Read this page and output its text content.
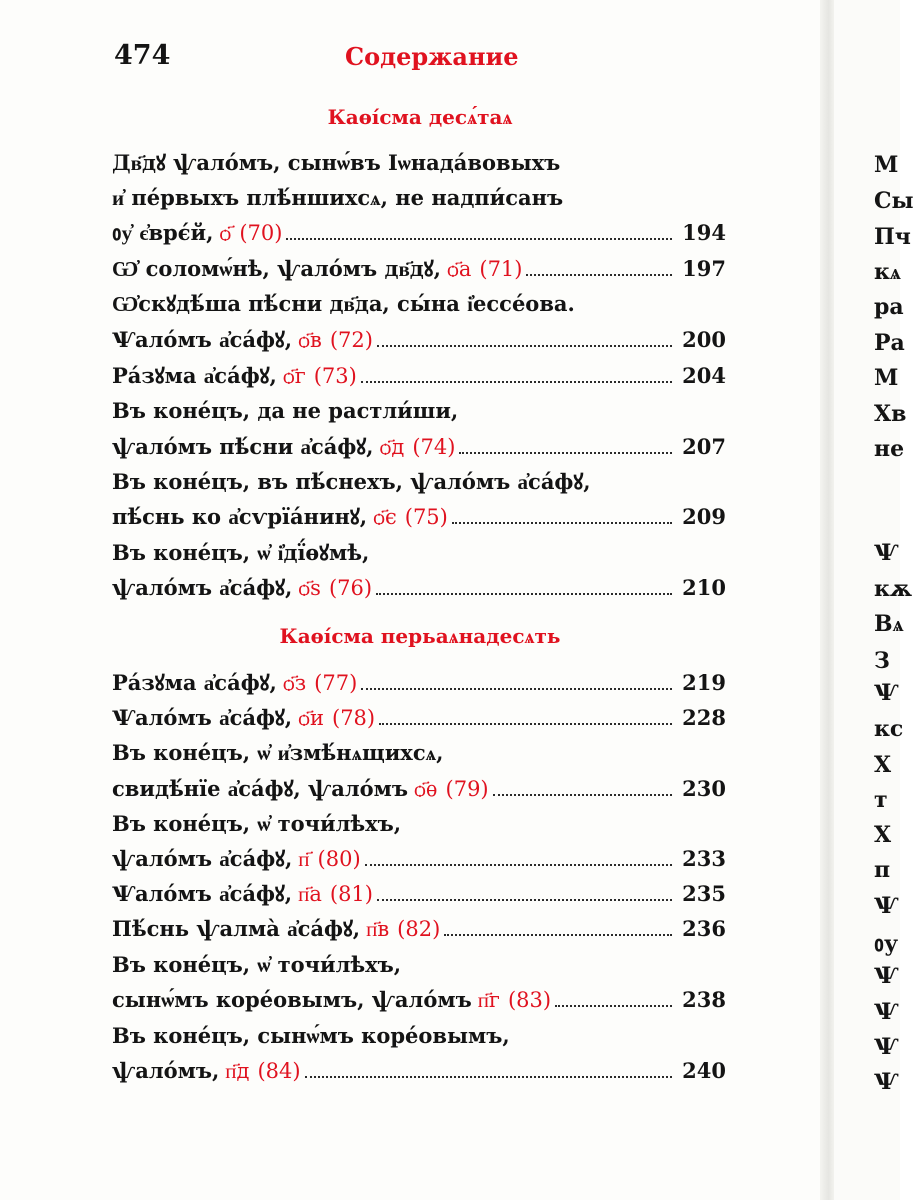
474	Содержание
Каѳі́сма десѧ́таѧ
Дв҃дꙋ ѱало́мъ, сынѡ́въ Іѡнада́вовыхъ
и҆ пе́рвыхъ плѣ́ншихсѧ, не надпи́санъ
ᲂу҆ є҆врє́й, ѻ҃ (70)	194
Ѡ҆ соломѡ́нѣ, ѱало́мъ дв҃дꙋ, ѻ҃а (71)	197
Ѡ҆скꙋдѣ́ша пѣ́сни дв҃да, сы́на і҆ессе́ова.
Ѱало́мъ а҆са́фꙋ, ѻ҃в (72)	200
Ра́зꙋма а҆са́фꙋ, ѻ҃г (73)	204
Въ коне́цъ, да не растли́ши,
ѱало́мъ пѣ́сни а҆са́фꙋ, ѻ҃д (74)	207
Въ коне́цъ, въ пѣ́снехъ, ѱало́мъ а҆са́фꙋ,
пѣ́снь ко а҆сѵрїа́нинꙋ, ѻ҃є (75)	209
Въ коне́цъ, ѡ҆ і҆дї́ѳꙋмѣ,
ѱало́мъ а҆са́фꙋ, ѻ҃ѕ (76)	210
Каѳі́сма перьаѧнадесѧть
Ра́зꙋма а҆са́фꙋ, ѻ҃з (77)	219
Ѱало́мъ а҆са́фꙋ, ѻ҃и (78)	228
Въ коне́цъ, ѡ҆ и҆змѣ́нѧщихсѧ,
свидѣ́нїе а҆са́фꙋ, ѱало́мъ ѻ҃ѳ (79)	230
Въ коне́цъ, ѡ҆ точи́лѣхъ,
ѱало́мъ а҆са́фꙋ, п҃ (80)	233
Ѱало́мъ а҆са́фꙋ, п҃а (81)	235
Пѣ́снь ѱалма̀ а҆са́фꙋ, п҃в (82)	236
Въ коне́цъ, ѡ҆ точи́лѣхъ,
сынѡ́мъ коре́овымъ, ѱало́мъ п҃г (83)	238
Въ коне́цъ, сынѡ́мъ коре́овымъ,
ѱало́мъ, п҃д (84)	240
М
Сы
Пч
кѧ
ра
Ра
М
Хв
не
Ѱ
кѫ
Вѧ
З
Ѱ
кс
Х
т
Х
п
Ѱ
ᲂу
Ѱ
Ѱ
Ѱ
Ѱ
